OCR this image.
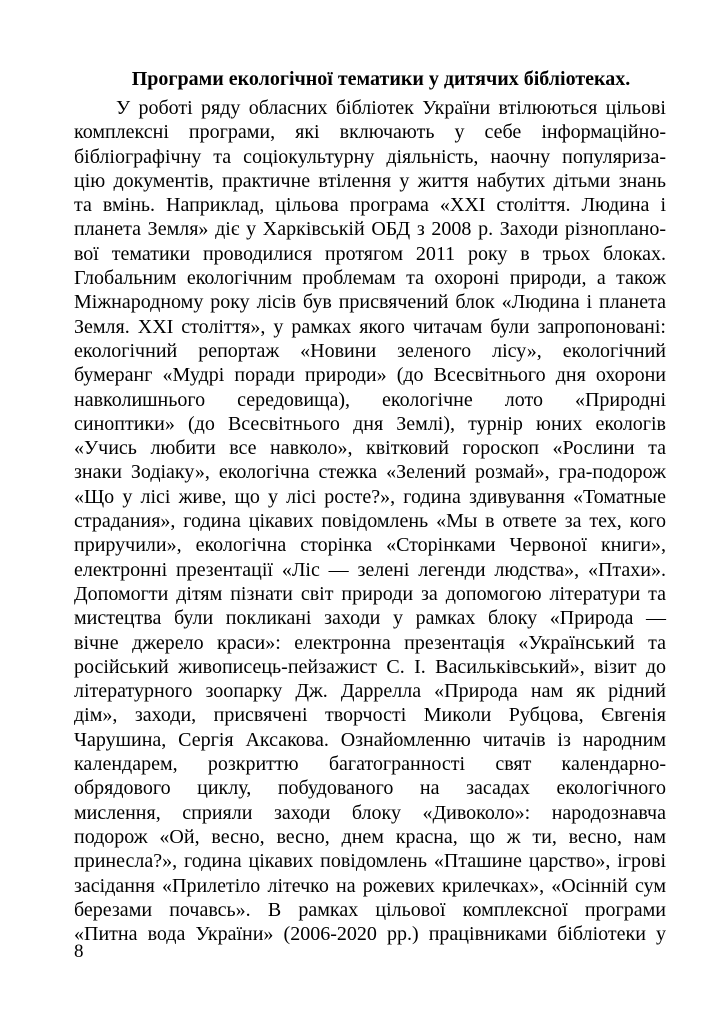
Програми екологічної тематики у дитячих бібліотеках.
У роботі ряду обласних бібліотек України втілюються цільові
комплексні програми, які включають у себе інформаційно-
бібліографічну та соціокультурну діяльність, наочну популяриза-
цію документів, практичне втілення у життя набутих дітьми знань
та вмінь. Наприклад, цільова програма «XXI століття. Людина і
планета Земля» діє у Харківській ОБД з 2008 р. Заходи різноплано-
вої тематики проводилися протягом 2011 року в трьох блоках.
Глобальним екологічним проблемам та охороні природи, а також
Міжнародному року лісів був присвячений блок «Людина і планета
Земля. XXI століття», у рамках якого читачам були запропоновані:
екологічний репортаж «Новини зеленого лісу», екологічний
бумеранг «Мудрі поради природи» (до Всесвітнього дня охорони
навколишнього середовища), екологічне лото «Природні
синоптики» (до Всесвітнього дня Землі), турнір юних екологів
«Учись любити все навколо», квітковий гороскоп «Рослини та
знаки Зодіаку», екологічна стежка «Зелений розмай», гра-подорож
«Що у лісі живе, що у лісі росте?», година здивування «Томатные
страдания», година цікавих повідомлень «Мы в ответе за тех, кого
приручили», екологічна сторінка «Сторінками Червоної книги»,
електронні презентації «Ліс — зелені легенди людства», «Птахи».
Допомогти дітям пізнати світ природи за допомогою літератури та
мистецтва були покликані заходи у рамках блоку «Природа —
вічне джерело краси»: електронна презентація «Український та
російський живописець-пейзажист С. І. Васильківський», візит до
літературного зоопарку Дж. Даррелла «Природа нам як рідний
дім», заходи, присвячені творчості Миколи Рубцова, Євгенія
Чарушина, Сергія Аксакова. Ознайомленню читачів із народним
календарем, розкриттю багатогранності свят календарно-
обрядового циклу, побудованого на засадах екологічного
мислення, сприяли заходи блоку «Дивоколо»: народознавча
подорож «Ой, весно, весно, днем красна, що ж ти, весно, нам
принесла?», година цікавих повідомлень «Пташине царство», ігрові
засідання «Прилетіло літечко на рожевих крилечках», «Осінній сум
березами почавсь». В рамках цільової комплексної програми
«Питна вода України» (2006-2020 рр.) працівниками бібліотеки у
8
